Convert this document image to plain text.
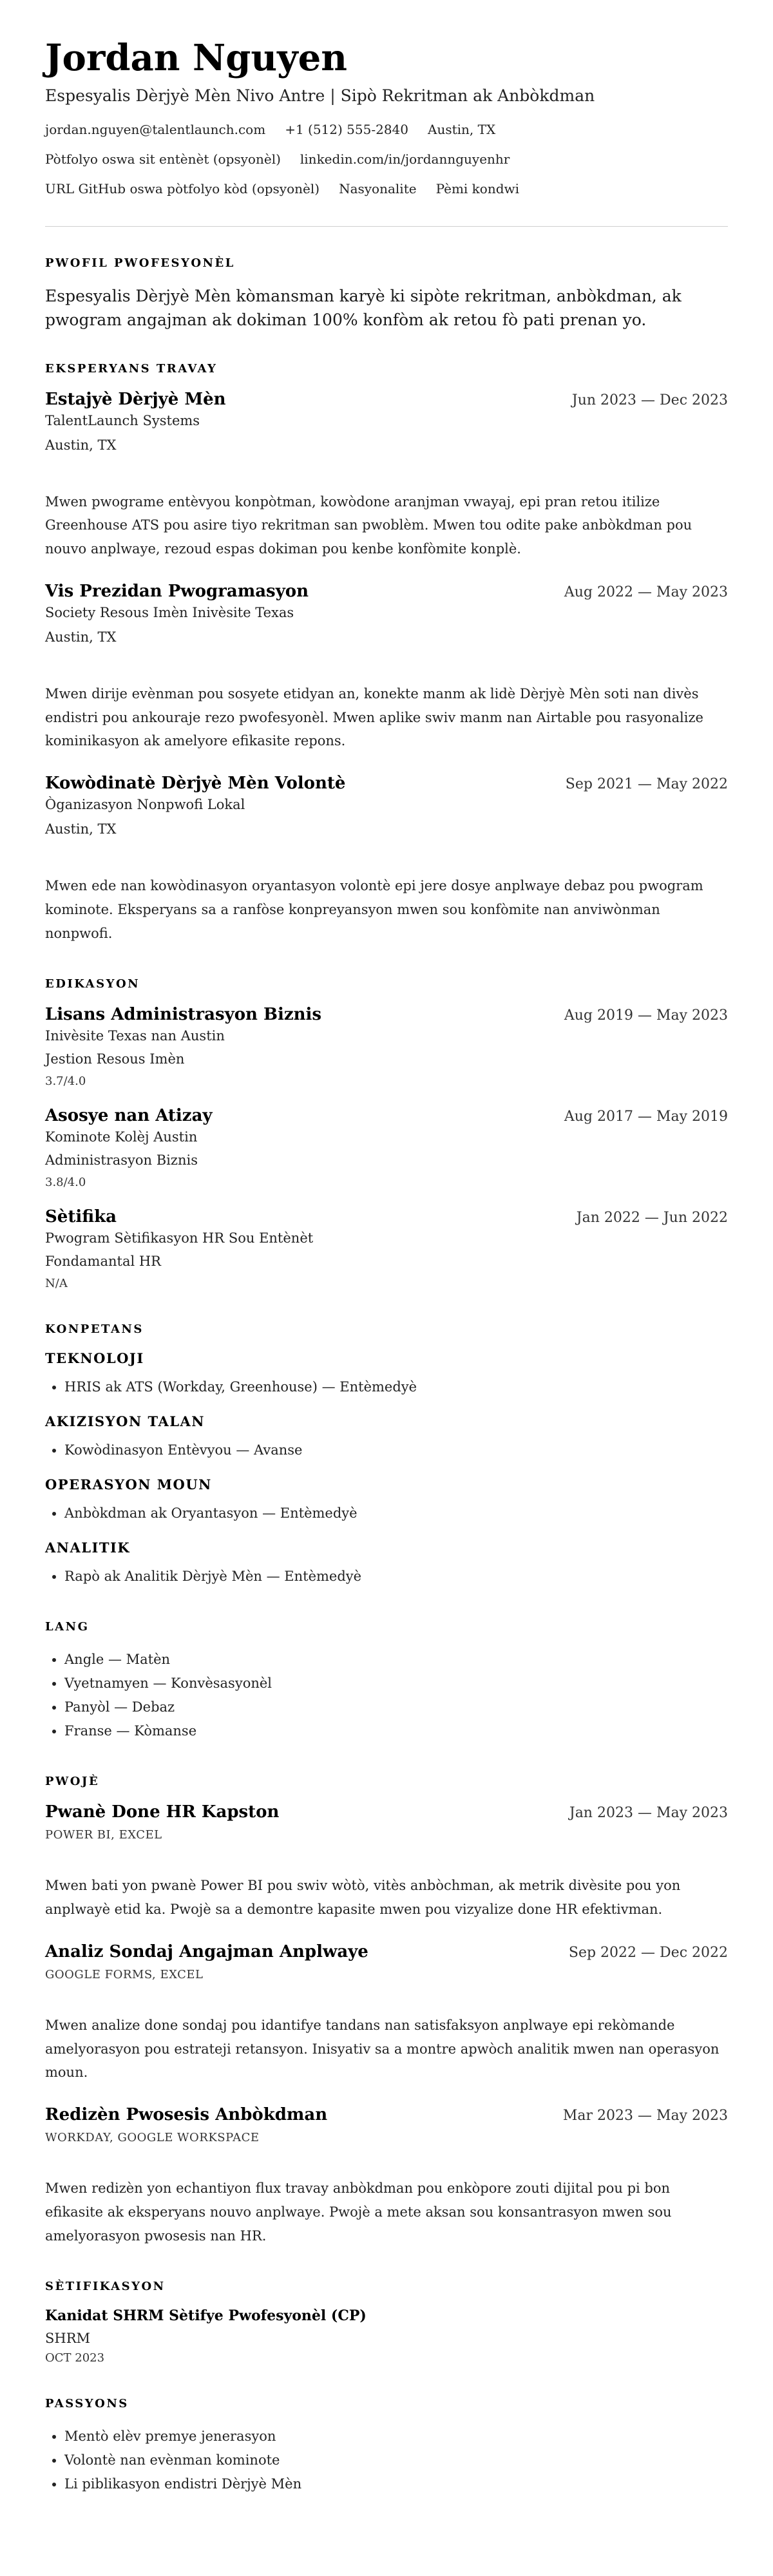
Jordan Nguyen
Espesyalis Dèrjyè Mèn Nivo Antre | Sipò Rekritman ak Anbòkdman
jordan.nguyen@talentlaunch.com +1 (512) 555-2840 Austin, TX
Pòtfolyo oswa sit entènèt (opsyonèl) linkedin.com/in/jordannguyenhr
URL GitHub oswa pòtfolyo kòd (opsyonèl) Nasyonalite Pèmi kondwi
PWOFIL PWOFESYONÈL

Espesyalis Dèrjyè Mèn kòmansman karyè ki sipòte rekritman, anbòkdman, ak pwogram angajman ak dokiman 100% konfòm ak retou fò pati prenan yo.

EKSPERYANS TRAVAY
Estajyè Dèrjyè Mèn	Jun 2023 — Dec 2023
TalentLaunch Systems
Austin, TX

Mwen pwograme entèvyou konpòtman, kowòdone aranjman vwayaj, epi pran retou itilize Greenhouse ATS pou asire tiyo rekritman san pwoblèm. Mwen tou odite pake anbòkdman pou nouvo anplwaye, rezoud espas dokiman pou kenbe konfòmite konplè.

Vis Prezidan Pwogramasyon	Aug 2022 — May 2023
Society Resous Imèn Inivèsite Texas
Austin, TX

Mwen dirije evènman pou sosyete etidyan an, konekte manm ak lidè Dèrjyè Mèn soti nan divès endistri pou ankouraje rezo pwofesyonèl. Mwen aplike swiv manm nan Airtable pou rasyonalize kominikasyon ak amelyore efikasite repons.

Kowòdinatè Dèrjyè Mèn Volontè	Sep 2021 — May 2022
Òganizasyon Nonpwofi Lokal
Austin, TX

Mwen ede nan kowòdinasyon oryantasyon volontè epi jere dosye anplwaye debaz pou pwogram kominote. Eksperyans sa a ranfòse konpreyansyon mwen sou konfòmite nan anviwònman nonpwofi.

EDIKASYON
Lisans Administrasyon Biznis	Aug 2019 — May 2023
Inivèsite Texas nan Austin
Jestion Resous Imèn
3.7/4.0
Asosye nan Atizay	Aug 2017 — May 2019
Kominote Kolèj Austin
Administrasyon Biznis
3.8/4.0
Sètifika	Jan 2022 — Jun 2022
Pwogram Sètifikasyon HR Sou Entènèt
Fondamantal HR
N/A
KONPETANS
TEKNOLOJI
• HRIS ak ATS (Workday, Greenhouse) — Entèmedyè
AKIZISYON TALAN
• Kowòdinasyon Entèvyou — Avanse
OPERASYON MOUN
• Anbòkdman ak Oryantasyon — Entèmedyè
ANALITIK
• Rapò ak Analitik Dèrjyè Mèn — Entèmedyè
LANG
• Angle — Matèn
• Vyetnamyen — Konvèsasyonèl
• Panyòl — Debaz
• Franse — Kòmanse
PWOJÈ
Pwanè Done HR Kapston	Jan 2023 — May 2023
POWER BI, EXCEL

Mwen bati yon pwanè Power BI pou swiv wòtò, vitès anbòchman, ak metrik divèsite pou yon anplwayè etid ka. Pwojè sa a demontre kapasite mwen pou vizyalize done HR efektivman.

Analiz Sondaj Angajman Anplwaye	Sep 2022 — Dec 2022
GOOGLE FORMS, EXCEL

Mwen analize done sondaj pou idantifye tandans nan satisfaksyon anplwaye epi rekòmande amelyorasyon pou estrateji retansyon. Inisyativ sa a montre apwòch analitik mwen nan operasyon moun.

Redizèn Pwosesis Anbòkdman	Mar 2023 — May 2023
WORKDAY, GOOGLE WORKSPACE

Mwen redizèn yon echantiyon flux travay anbòkdman pou enkòpore zouti dijital pou pi bon efikasite ak eksperyans nouvo anplwaye. Pwojè a mete aksan sou konsantrasyon mwen sou amelyorasyon pwosesis nan HR.

SÈTIFIKASYON
Kanidat SHRM Sètifye Pwofesyonèl (CP)
SHRM
OCT 2023
PASSYONS
• Mentò elèv premye jenerasyon
• Volontè nan evènman kominote
• Li piblikasyon endistri Dèrjyè Mèn
